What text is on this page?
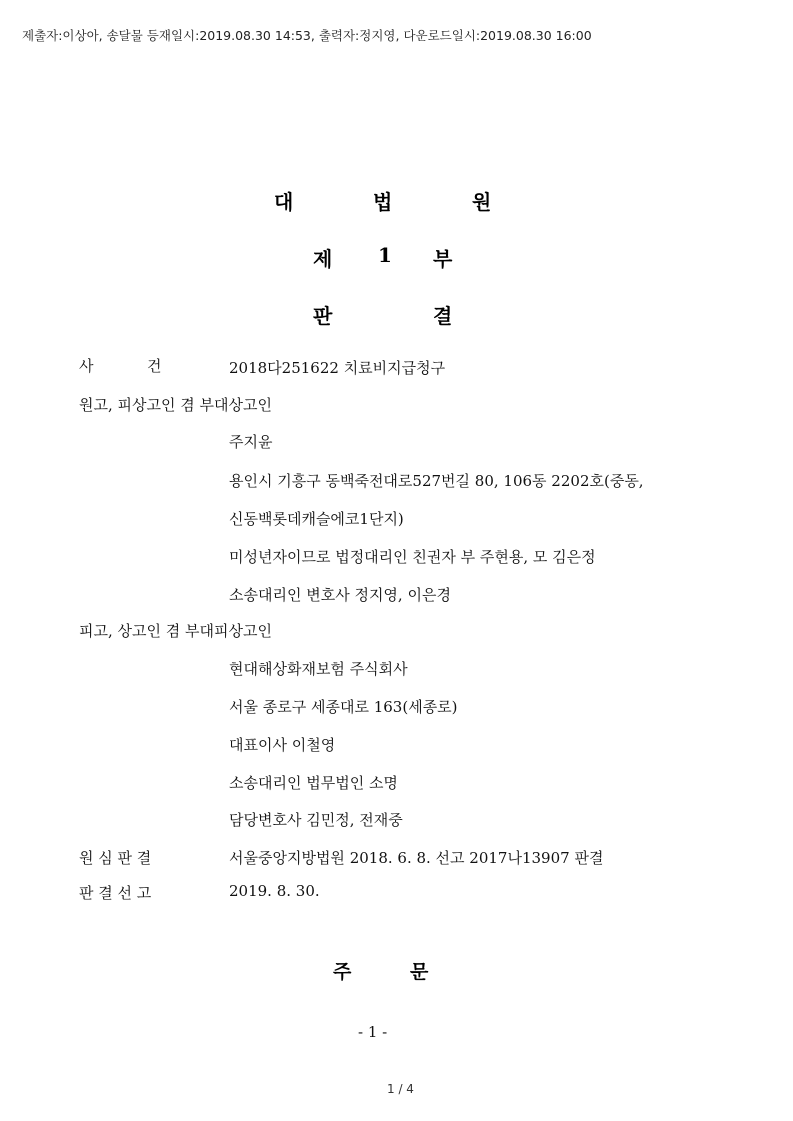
제출자:이상아, 송달물 등재일시:2019.08.30 14:53, 출력자:정지영, 다운로드일시:2019.08.30 16:00
대	법	원
제 1 부
판	결
사	건	2018다251622 치료비지급청구
원고, 피상고인 겸 부대상고인
주지윤
용인시 기흥구 동백죽전대로527번길 80, 106동 2202호(중동,
신동백롯데캐슬에코1단지)
미성년자이므로 법정대리인 친권자 부 주현용, 모 김은정
소송대리인 변호사 정지영, 이은경
피고, 상고인 겸 부대피상고인
현대해상화재보험 주식회사
서울 종로구 세종대로 163(세종로)
대표이사 이철영
소송대리인 법무법인 소명
담당변호사 김민정, 전재중
원 심 판 결	서울중앙지방법원 2018. 6. 8. 선고 2017나13907 판결
판 결 선 고	2019. 8. 30.
주	문
- 1 -
1 / 4
